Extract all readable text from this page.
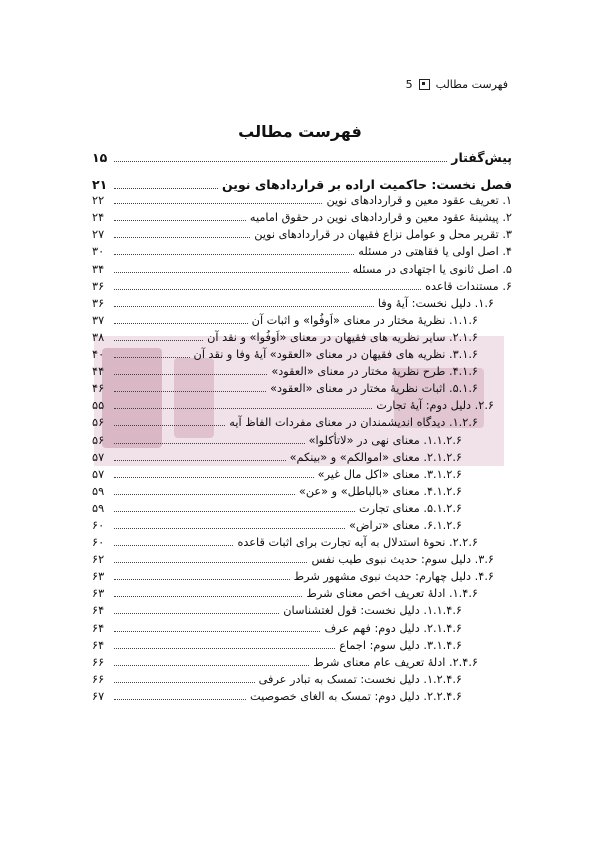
فهرست مطالب
5
فهرست مطالب
پیش‌گفتار
۱۵
فصل نخست: حاکمیت اراده بر قراردادهای نوین
۲۱
۱. تعریف عقود معین و قراردادهای نوین
۲۲
۲. پیشینهٔ عقود معین و قراردادهای نوین در حقوق امامیه
۲۴
۳. تقریر محل و عوامل نزاع فقیهان در قراردادهای نوین
۲۷
۴. اصل اولی یا فقاهتی در مسئله
۳۰
۵. اصل ثانوی یا اجتهادی در مسئله
۳۴
۶. مستندات قاعده
۳۶
۱.۶. دلیل نخست: آیهٔ وفا
۳۶
۱.۱.۶. نظریهٔ مختار در معنای «اَوفُوا» و اثبات آن
۳۷
۲.۱.۶. سایر نظریه های فقیهان در معنای «اَوفُوا» و نقد آن
۳۸
۳.۱.۶. نظریه های فقیهان در معنای «العقود» آیهٔ وفا و نقد آن
۴۰
۴.۱.۶. طرح نظریهٔ مختار در معنای «العقود»
۴۴
۵.۱.۶. اثبات نظریهٔ مختار در معنای «العقود»
۴۶
۲.۶. دلیل دوم: آیهٔ تجارت
۵۵
۱.۲.۶. دیدگاه اندیشمندان در معنای مفردات الفاظ آیه
۵۶
۱.۱.۲.۶. معنای نهی در «لاتأکلوا»
۵۶
۲.۱.۲.۶. معنای «اموالکم» و «بینکم»
۵۷
۳.۱.۲.۶. معنای «اکل مال غیر»
۵۷
۴.۱.۲.۶. معنای «بالباطل» و «عن»
۵۹
۵.۱.۲.۶. معنای تجارت
۵۹
۶.۱.۲.۶. معنای «تراض»
۶۰
۲.۲.۶. نحوهٔ استدلال به آیه تجارت برای اثبات قاعده
۶۰
۳.۶. دلیل سوم: حدیث نبوی طیب نفس
۶۲
۴.۶. دلیل چهارم: حدیث نبوی مشهور شرط
۶۳
۱.۴.۶. ادلهٔ تعریف اخص معنای شرط
۶۳
۱.۱.۴.۶. دلیل نخست: قول لغتشناسان
۶۴
۲.۱.۴.۶. دلیل دوم: فهم عرف
۶۴
۳.۱.۴.۶. دلیل سوم: اجماع
۶۴
۲.۴.۶. ادلهٔ تعریف عام معنای شرط
۶۶
۱.۲.۴.۶. دلیل نخست: تمسک به تبادر عرفی
۶۶
۲.۲.۴.۶. دلیل دوم: تمسک به الغای خصوصیت
۶۷
